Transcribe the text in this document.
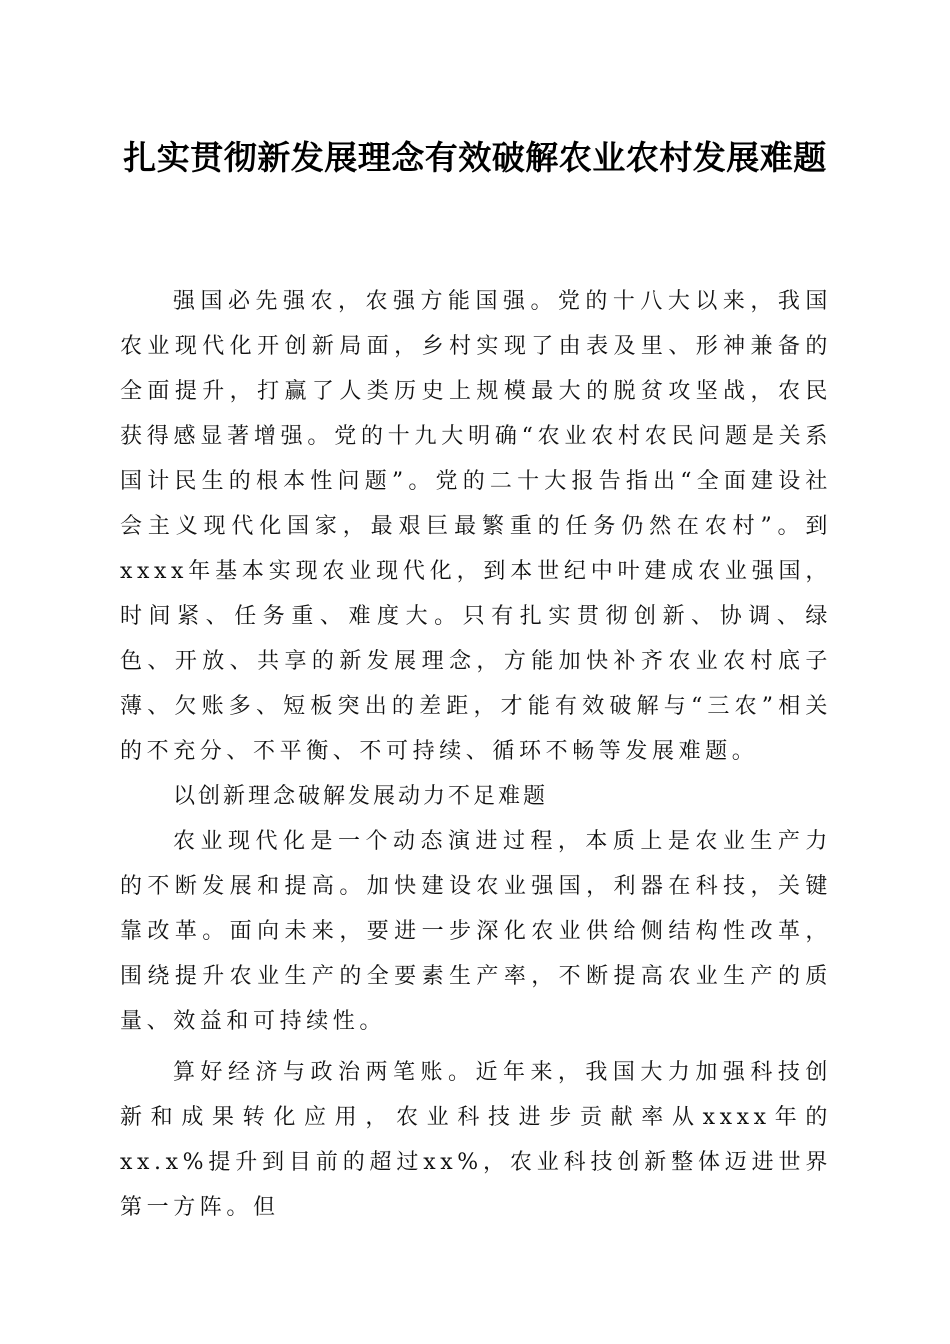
扎实贯彻新发展理念有效破解农业农村发展难题

强国必先强农，农强方能国强。党的十八大以来，我国农业现代化开创新局面，乡村实现了由表及里、形神兼备的全面提升，打赢了人类历史上规模最大的脱贫攻坚战，农民获得感显著增强。党的十九大明确“农业农村农民问题是关系国计民生的根本性问题”。党的二十大报告指出“全面建设社会主义现代化国家，最艰巨最繁重的任务仍然在农村”。到xxxx年基本实现农业现代化，到本世纪中叶建成农业强国，时间紧、任务重、难度大。只有扎实贯彻创新、协调、绿色、开放、共享的新发展理念，方能加快补齐农业农村底子薄、欠账多、短板突出的差距，才能有效破解与“三农”相关的不充分、不平衡、不可持续、循环不畅等发展难题。

以创新理念破解发展动力不足难题

农业现代化是一个动态演进过程，本质上是农业生产力的不断发展和提高。加快建设农业强国，利器在科技，关键靠改革。面向未来，要进一步深化农业供给侧结构性改革，围绕提升农业生产的全要素生产率，不断提高农业生产的质量、效益和可持续性。

算好经济与政治两笔账。近年来，我国大力加强科技创新和成果转化应用，农业科技进步贡献率从xxxx年的xx.x%提升到目前的超过xx%，农业科技创新整体迈进世界第一方阵。但
